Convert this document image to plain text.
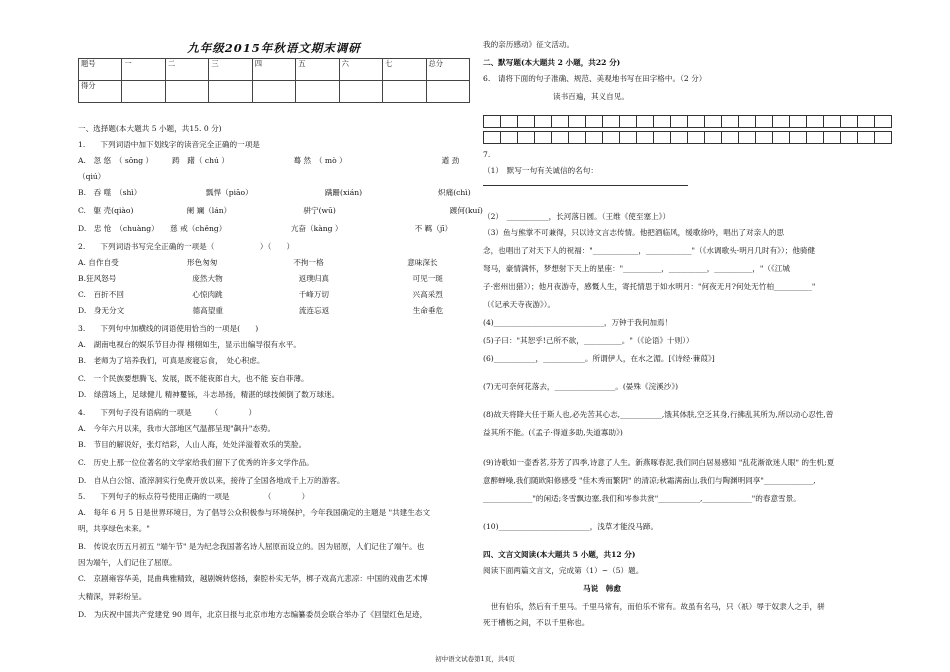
九年级2015年秋语文期末调研
题号	一	二	三	四	五	六	七	总分
得分								
一、选择题(本大题共 5 小题，共15. 0 分)
1.　　下列词语中加下划线字的读音完全正确的一项是
A.　忽 悠　（ sōng ）　　　踌　躇（ chú ）　　　　　　　　　蓦 然　（ mò ）　　　　　　　　　　　　　遒 劲
（qiú）
B.　吞 噬　（shì）　　　　　　　　　瓢悍（piāo）　　　　　　　　　　蹒跚(xián)　　　　　　　　　　炽痛(chì)
C.　躯 壳(qiào)　　　　　　　阑 斓（lán）　　　　　　　　　　骈宁(wū)　　　　　　　　　　　　　　　踱何(kuí)
D.　忠 怆　（chuàng）　　慈 戒（chěng）　　　　　　　　　亢奋（kàng ）　　　　　　　　　　不 羁（jī）
2.　　下列词语书写完全正确的一项是（　　　　　　）（　　）
A. 自作自受　　　　　　　　　形色匆匆　　　　　　　　　　不拘一格　　　　　　　　　　　意味深长
B.狂风怒号　　　　　　　　　　庞然大物　　　　　　　　　　返璞归真　　　　　　　　　　　可见一斑
C.　百折不回　　　　　　　　　心惊肉跳　　　　　　　　　　千峰万切　　　　　　　　　　　兴高采烈
D.　身无分文　　　　　　　　　德高望重　　　　　　　　　　流连忘返　　　　　　　　　　　生命垂危
3.　　下列句中加横线的词语使用恰当的一项是(　　)
A.　湖南电视台的娱乐节目办得 栩栩如生，显示出编导很有水平。
B.　老师为了培养我们，可真是废寝忘食，　处心积虑。
C.　一个民族要想腾飞、发展，既不能夜郎自大，也不能 妄自菲薄。
D.　绿茵场上，足球健儿 精神矍铄，斗志昂扬，精湛的球技倾倒了数万球迷。
4.　　下列句子没有语病的一项是　　　（　　　　）
A.　今年六月以来，我市大部地区气温都呈现"飙升"态势。
B.　节目的解说好，张灯结彩，人山人海，处处洋溢着欢乐的笑脸。
C.　历史上那一位位著名的文学家给我们留下了优秀的许多文学作品。
D.　自从白公馆、渣滓洞实行免费开放以来，接待了全国各地成千上万的游客。
5.　　下列句子的标点符号使用正确的一项是　　　　　（　　　　）
A.　每年 6 月 5 日是世界环境日，为了倡导公众积极参与环境保护，今年我国确定的主题是 "共建生态文
明，共享绿色未来。"
B.　传说农历五月初五 "端午节" 是为纪念我国著名诗人屈原而设立的。因为屈原，人们记住了端午。也
因为端午，人们记住了屈原。
C.　京剧雍容华美，昆曲典雅精致，越剧婉转悠扬，秦腔朴实无华，梆子戏高亢悲凉：中国的戏曲艺术博
大精深，异彩纷呈。
D.　为庆祝中国共产党建党 90 周年，北京日报与北京市地方志编纂委员会联合举办了《回望红色足迹，
我的亲历感动》征文活动。
二、默写题(本大题共 2 小题，共22 分)
6.　请将下面的句子准确、规范、美观地书写在田字格中。（2 分）
读书百遍，其义自见。
7.
（1）　默写一句有关诚信的名句：
（2）　___________，长河落日圆。（王维《使至塞上》）
（3）鱼与熊掌不可兼得，只以诗文言志传情。他把酒临风，缓歌徐吟，唱出了对亲人的思
念，也唱出了对天下人的祝福："____________，____________"（《水调歌头·明月几时有》）；他骑健
弩马，豪情满怀，梦想射下天上的星座："__________，__________，__________，"（《江城
子·密州出猎》）；他月夜游寺，感慨人生，寄托情思于如水明月："何夜无月?何处无竹柏__________"
（《记承天寺夜游》）。
(4)_____________________________，万钟于我何加焉！
(5)子曰："其恕乎!己所不欲，__________。"（《论语》十则））
(6)___________，___________。所谓伊人，在水之湄。[《诗经·蒹葭》]
(7)无可奈何花落去，________________。(晏殊《浣溪沙》)
(8)故天将降大任于斯人也,必先苦其心志,___________,饿其体肤,空乏其身,行拂乱其所为,所以动心忍性,曾
益其所不能。(《孟子·得道多助,失道寡助》)
(9)诗歌如一壶香茗,芬芳了四季,诗意了人生。新燕啄春泥,我们同白居易感知 "乱花渐欲迷人眼" 的生机;夏
意醉蝉噪,我们随欧阳修感受 "佳木秀而繁阴" 的清凉;秋霜满南山,我们与陶渊明同享"_____________,
_____________"的闲适;冬雪飘边塞,我们和岑参共赏"___________,_____________"的春意雪景。
(10)________________________，浅草才能没马蹄。
四、文言文阅读(本大题共 5 小题，共12 分)
阅读下面两篇文言文，完成第（1）~（5）题。
马说　韩愈
　世有伯乐，然后有千里马。千里马常有，而伯乐不常有。故虽有名马，只（祇）辱于奴隶人之手，骈
死于槽枥之间，不以千里称也。

初中语文试卷第1页，共4页
